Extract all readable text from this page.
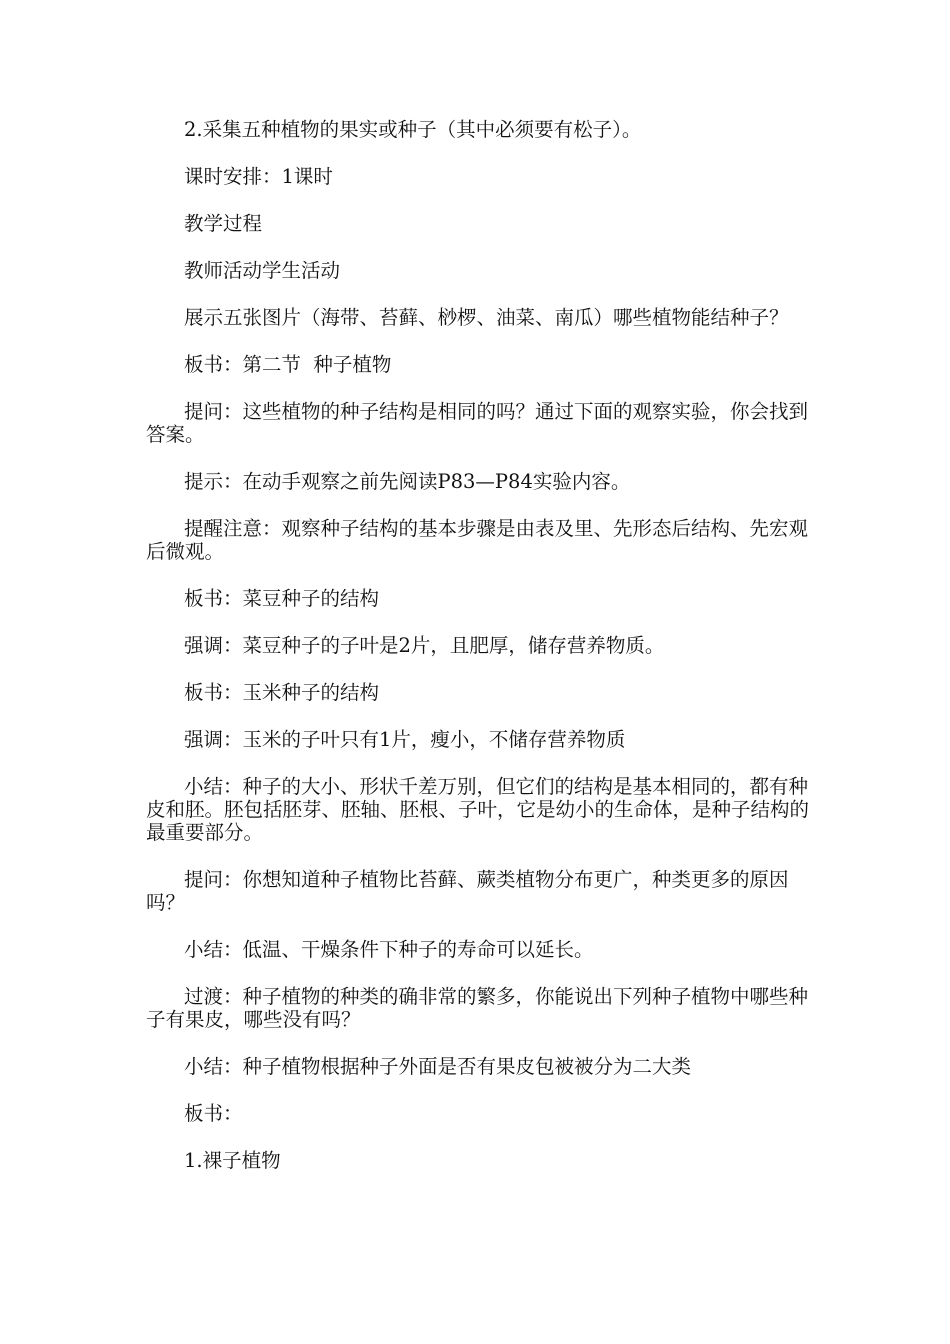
2.采集五种植物的果实或种子（其中必须要有松子）。

课时安排：1课时

教学过程

教师活动学生活动

展示五张图片（海带、苔藓、桫椤、油菜、南瓜）哪些植物能结种子？

板书：第二节  种子植物

提问：这些植物的种子结构是相同的吗？通过下面的观察实验，你会找到答案。

提示：在动手观察之前先阅读P83—P84实验内容。

提醒注意：观察种子结构的基本步骤是由表及里、先形态后结构、先宏观后微观。

板书：菜豆种子的结构

强调：菜豆种子的子叶是2片，且肥厚，储存营养物质。

板书：玉米种子的结构

强调：玉米的子叶只有1片，瘦小，不储存营养物质

小结：种子的大小、形状千差万别，但它们的结构是基本相同的，都有种皮和胚。胚包括胚芽、胚轴、胚根、子叶，它是幼小的生命体，是种子结构的最重要部分。

提问：你想知道种子植物比苔藓、蕨类植物分布更广，种类更多的原因吗？

小结：低温、干燥条件下种子的寿命可以延长。

过渡：种子植物的种类的确非常的繁多，你能说出下列种子植物中哪些种子有果皮，哪些没有吗？

小结：种子植物根据种子外面是否有果皮包被被分为二大类

板书：

1.裸子植物
